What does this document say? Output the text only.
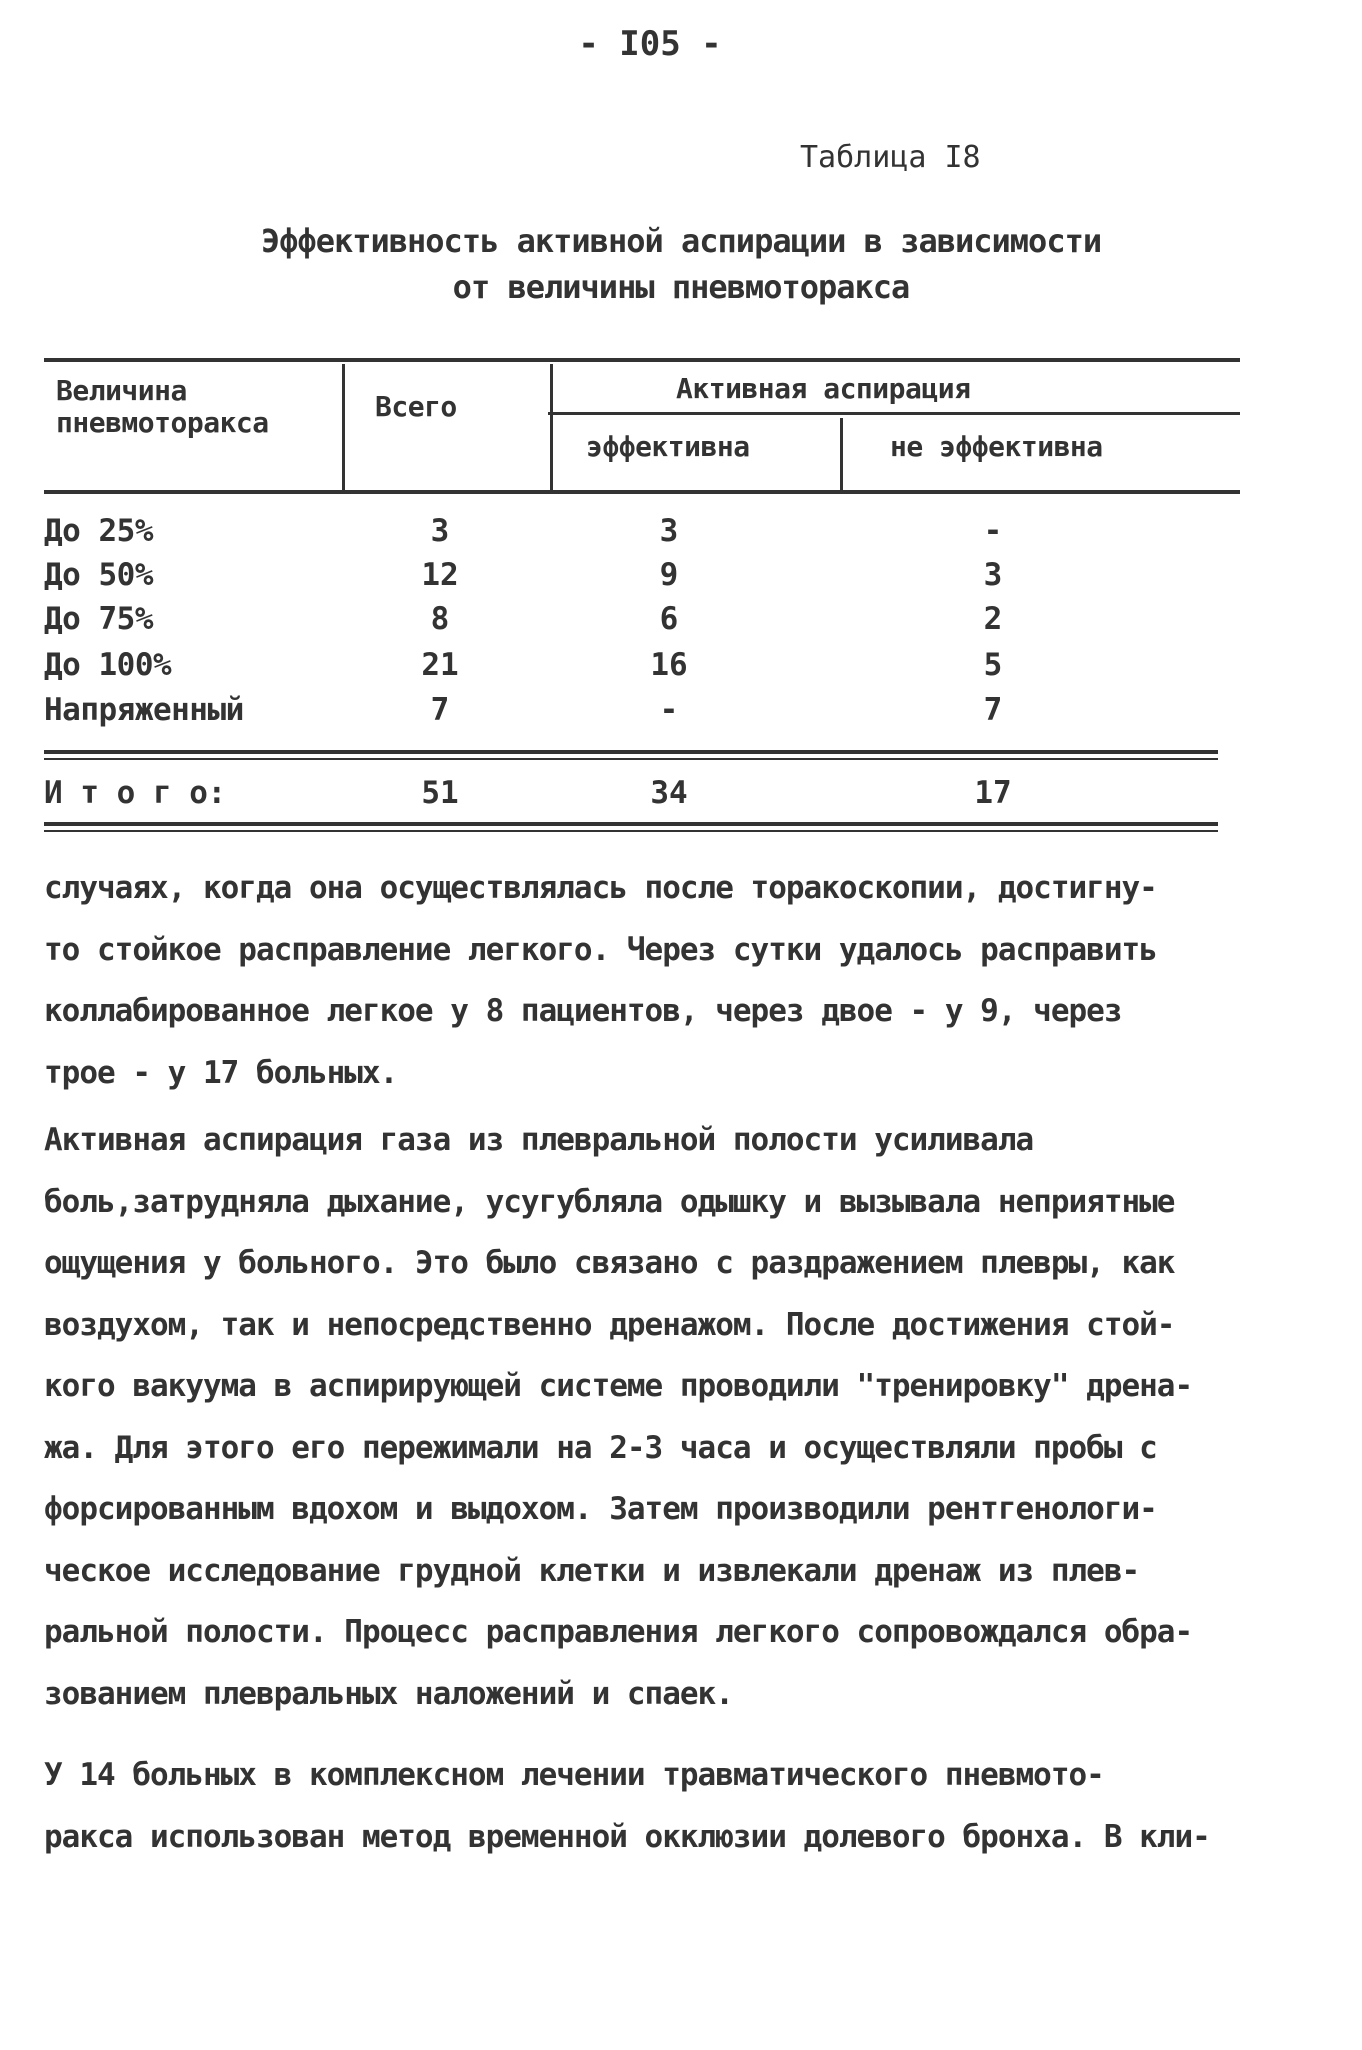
- I05 -
Таблица I8
Эффективность активной аспирации в зависимости
от величины пневмоторакса
Величина
пневмоторакса	Всего
Активная аспирация
эффективна	не эффективна
До 25%	3	3	-
До 50%	12	9	3
До 75%	8	6	2
До 100%	21	16	5
Напряженный	7	-	7
И т о г о:	51	34	17

случаях, когда она осуществлялась после торакоскопии, достигну-

то стойкое расправление легкого. Через сутки удалось расправить

коллабированное легкое у 8 пациентов, через двое - у 9, через

трое - у 17 больных.

Активная аспирация газа из плевральной полости усиливала

боль,затрудняла дыхание, усугубляла одышку и вызывала неприятные

ощущения у больного. Это было связано с раздражением плевры, как

воздухом, так и непосредственно дренажом. После достижения стой-

кого вакуума в аспирирующей системе проводили "тренировку" дрена-

жа. Для этого его пережимали на 2-3 часа и осуществляли пробы с

форсированным вдохом и выдохом. Затем производили рентгенологи-

ческое исследование грудной клетки и извлекали дренаж из плев-

ральной полости. Процесс расправления легкого сопровождался обра-

зованием плевральных наложений и спаек.

У 14 больных в комплексном лечении травматического пневмото-

ракса использован метод временной окклюзии долевого бронха. В кли-
